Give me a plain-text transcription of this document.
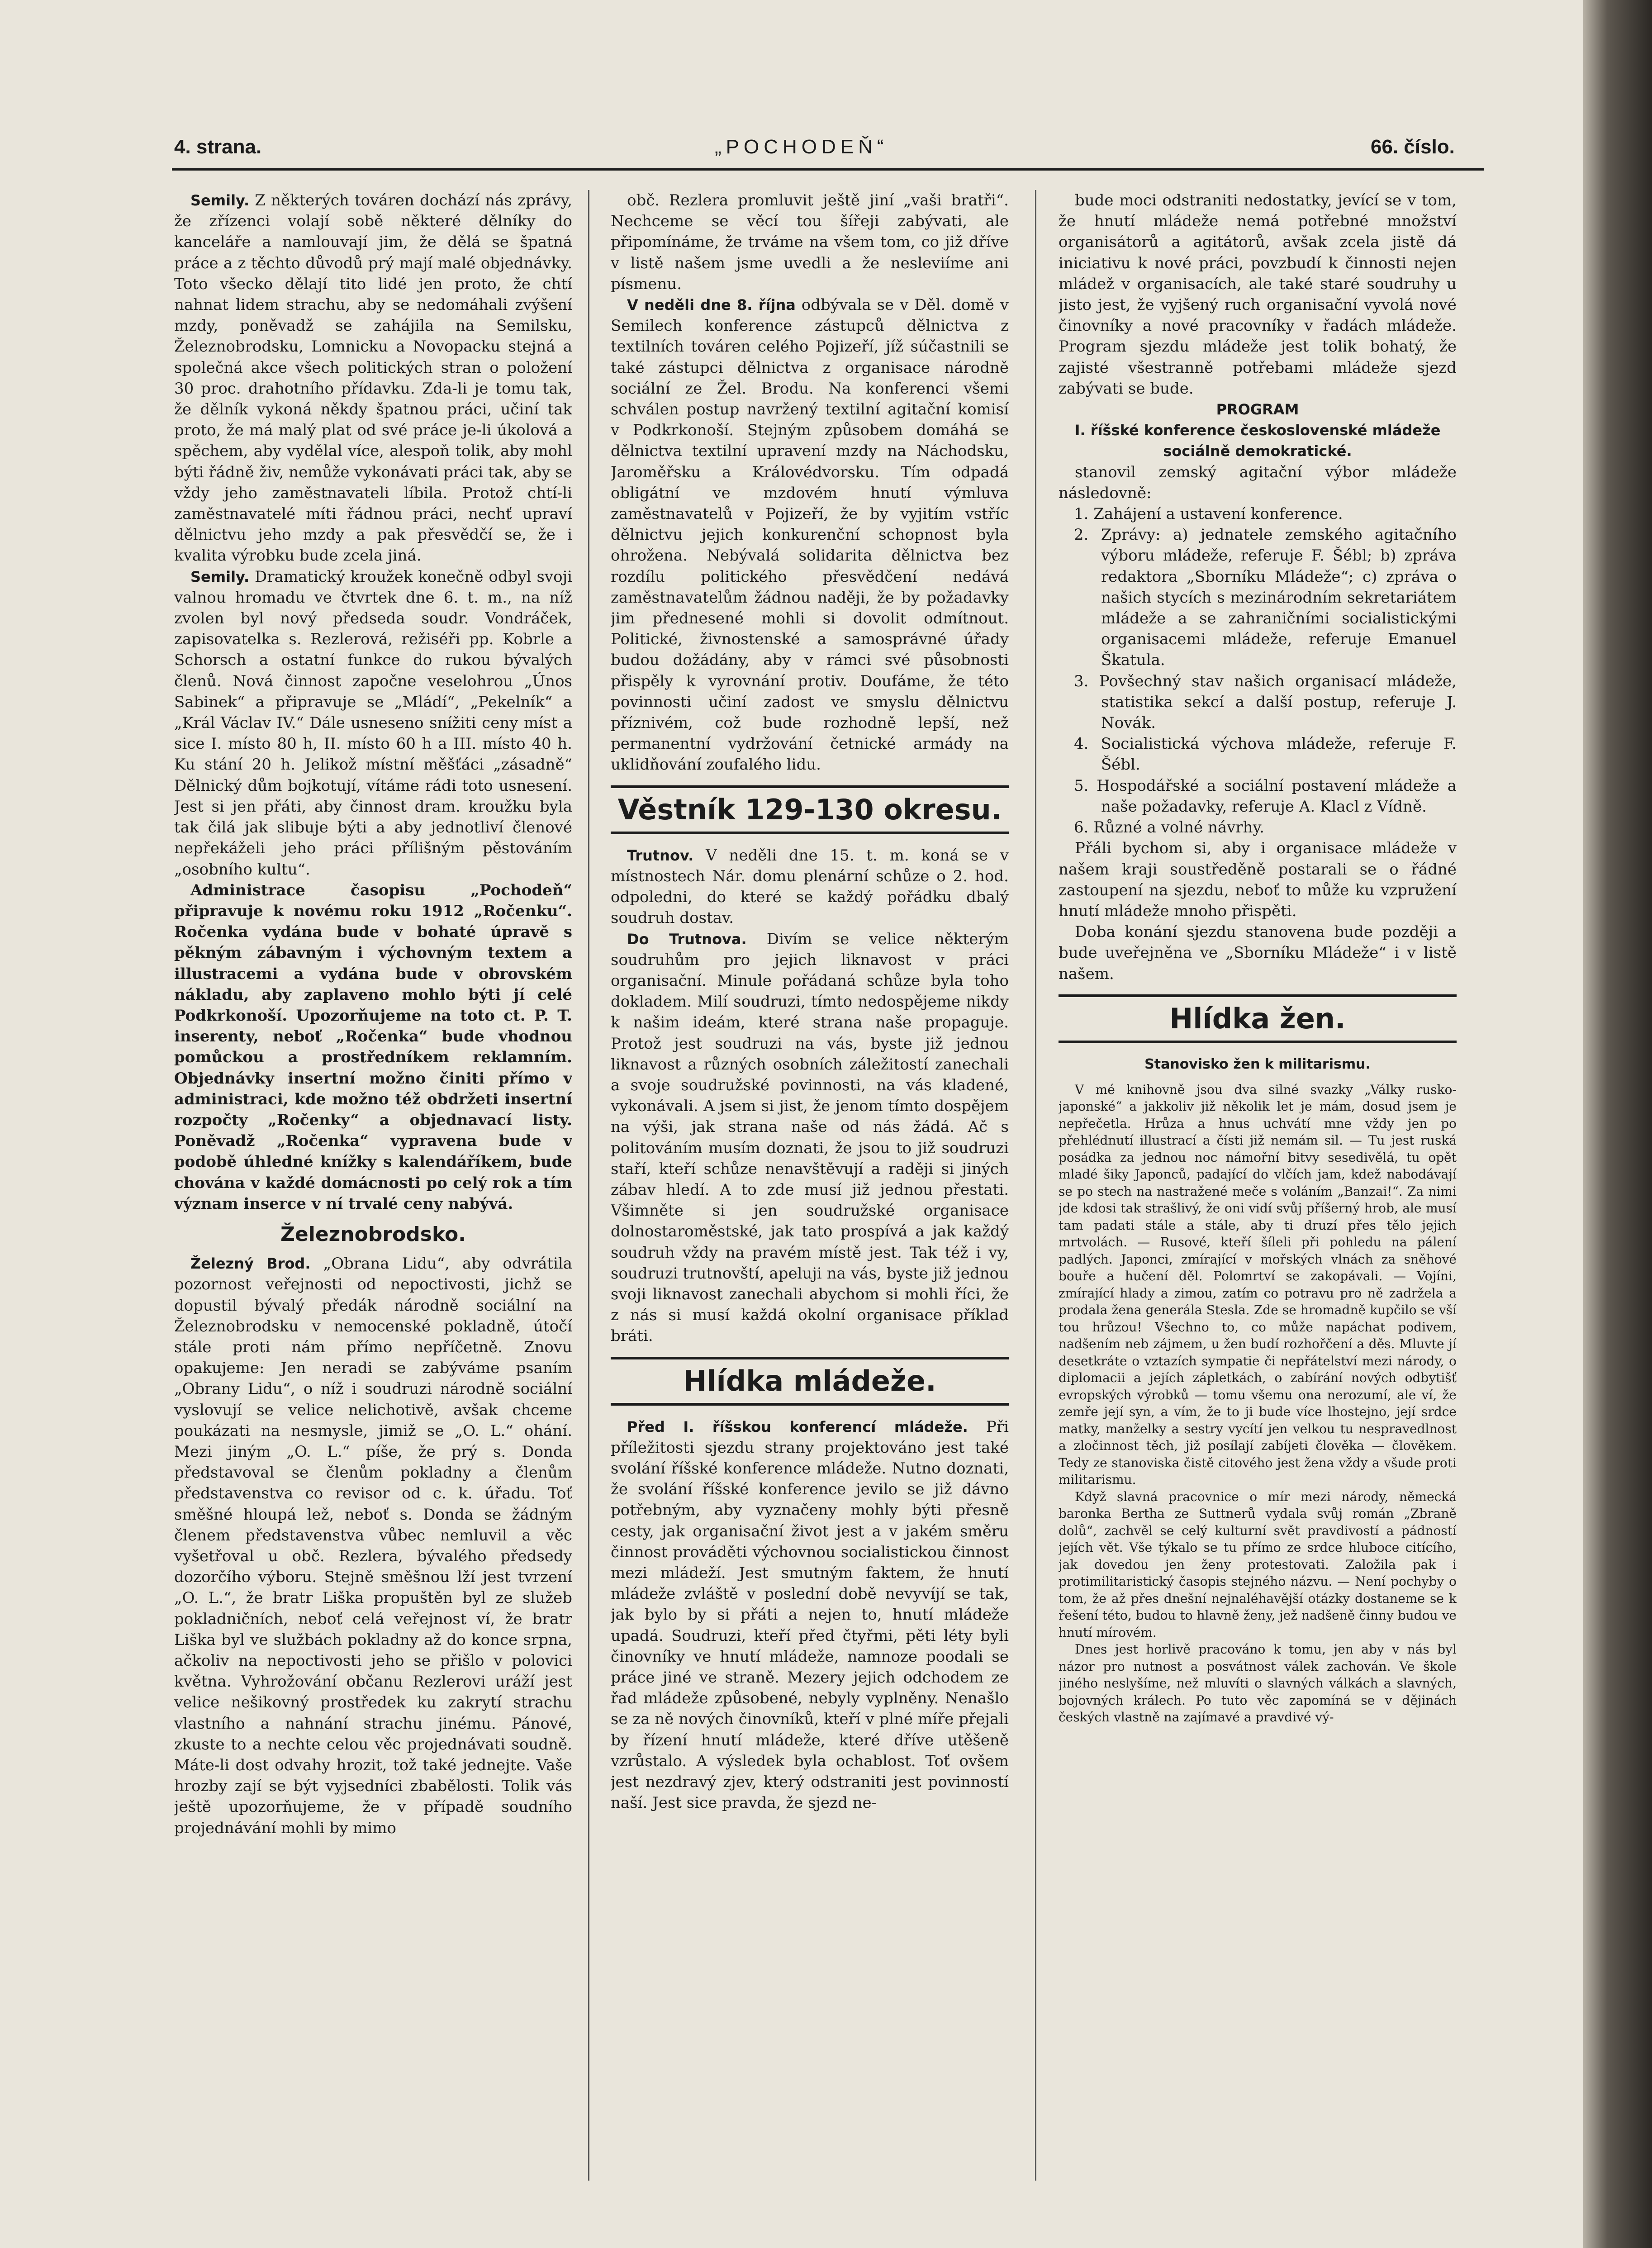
4. strana.	„POCHODEŇ“	66. číslo.

Semily. Z některých továren dochází nás zprávy, že zřízenci volají sobě některé dělníky do kanceláře a namlouvají jim, že dělá se špatná práce a z těchto důvodů prý mají malé objednávky. Toto všecko dělají tito lidé jen proto, že chtí nahnat lidem strachu, aby se nedomáhali zvýšení mzdy, poněvadž se zahájila na Semilsku, Železnobrodsku, Lomnicku a Novopacku stejná a společná akce všech politických stran o položení 30 proc. drahotního přídavku. Zda-li je tomu tak, že dělník vykoná někdy špatnou práci, učiní tak proto, že má malý plat od své práce je-li úkolová a spěchem, aby vydělal více, alespoň tolik, aby mohl býti řádně živ, nemůže vykonávati práci tak, aby se vždy jeho zaměstnavateli líbila. Protož chtí-li zaměstnavatelé míti řádnou práci, nechť upraví dělnictvu jeho mzdy a pak přesvědčí se, že i kvalita výrobku bude zcela jiná.

Semily. Dramatický kroužek konečně odbyl svoji valnou hromadu ve čtvrtek dne 6. t. m., na níž zvolen byl nový předseda soudr. Vondráček, zapisovatelka s. Rezlerová, režiséři pp. Kobrle a Schorsch a ostatní funkce do rukou bývalých členů. Nová činnost započne veselohrou „Únos Sabinek“ a připravuje se „Mládí“, „Pekelník“ a „Král Václav IV.“ Dále usneseno snížiti ceny míst a sice I. místo 80 h, II. místo 60 h a III. místo 40 h. Ku stání 20 h. Jelikož místní měšťáci „zásadně“ Dělnický dům bojkotují, vítáme rádi toto usnesení. Jest si jen přáti, aby činnost dram. kroužku byla tak čilá jak slibuje býti a aby jednotliví členové nepřekáželi jeho práci přílišným pěstováním „osobního kultu“.

Administrace časopisu „Pochodeň“ připravuje k novému roku 1912 „Ročenku“. Ročenka vydána bude v bohaté úpravě s pěkným zábavným i výchovným textem a illustracemi a vydána bude v obrovském nákladu, aby zaplaveno mohlo býti jí celé Podkrkonoší. Upozorňujeme na toto ct. P. T. inserenty, neboť „Ročenka“ bude vhodnou pomůckou a prostředníkem reklamním. Objednávky insertní možno činiti přímo v administraci, kde možno též obdržeti insertní rozpočty „Ročenky“ a objednavací listy. Poněvadž „Ročenka“ vypravena bude v podobě úhledné knížky s kalendáříkem, bude chována v každé domácnosti po celý rok a tím význam inserce v ní trvalé ceny nabývá.

Železnobrodsko.

Železný Brod. „Obrana Lidu“, aby odvrátila pozornost veřejnosti od nepoctivosti, jichž se dopustil bývalý předák národně sociální na Železnobrodsku v nemocenské pokladně, útočí stále proti nám přímo nepříčetně. Znovu opakujeme: Jen neradi se zabýváme psaním „Obrany Lidu“, o níž i soudruzi národně sociální vyslovují se velice nelichotivě, avšak chceme poukázati na nesmysle, jimiž se „O. L.“ ohání. Mezi jiným „O. L.“ píše, že prý s. Donda představoval se členům pokladny a členům představenstva co revisor od c. k. úřadu. Toť směšné hloupá lež, neboť s. Donda se žádným členem představenstva vůbec nemluvil a věc vyšetřoval u obč. Rezlera, bývalého předsedy dozorčího výboru. Stejně směšnou lží jest tvrzení „O. L.“, že bratr Liška propuštěn byl ze služeb pokladničních, neboť celá veřejnost ví, že bratr Liška byl ve službách pokladny až do konce srpna, ačkoliv na nepoctivosti jeho se přišlo v polovici května. Vyhrožování občanu Rezlerovi uráží jest velice nešikovný prostředek ku zakrytí strachu vlastního a nahnání strachu jinému. Pánové, zkuste to a nechte celou věc projednávati soudně. Máte-li dost odvahy hrozit, tož také jednejte. Vaše hrozby zají se být vyjsedníci zbabělosti. Tolik vás ještě upozorňujeme, že v případě soudního projednávání mohli by mimo

obč. Rezlera promluvit ještě jiní „vaši bratři“. Nechceme se věcí tou šířeji zabývati, ale připomínáme, že trváme na všem tom, co již dříve v listě našem jsme uvedli a že nesleviíme ani písmenu.

V neděli dne 8. října odbývala se v Děl. domě v Semilech konference zástupců dělnictva z textilních továren celého Pojizeří, jíž súčastnili se také zástupci dělnictva z organisace národně sociální ze Žel. Brodu. Na konferenci všemi schválen postup navržený textilní agitační komisí v Podkrkonoší. Stejným způsobem domáhá se dělnictva textilní upravení mzdy na Náchodsku, Jaroměřsku a Královédvorsku. Tím odpadá obligátní ve mzdovém hnutí výmluva zaměstnavatelů v Pojizeří, že by vyjitím vstříc dělnictvu jejich konkurenční schopnost byla ohrožena. Nebývalá solidarita dělnictva bez rozdílu politického přesvědčení nedává zaměstnavatelům žádnou naději, že by požadavky jim přednesené mohli si dovolit odmítnout. Politické, živnostenské a samosprávné úřady budou dožádány, aby v rámci své působnosti přispěly k vyrovnání protiv. Doufáme, že této povinnosti učiní zadost ve smyslu dělnictvu příznivém, což bude rozhodně lepší, než permanentní vydržování četnické armády na uklidňování zoufalého lidu.

Věstník 129-130 okresu.

Trutnov. V neděli dne 15. t. m. koná se v místnostech Nár. domu plenární schůze o 2. hod. odpoledni, do které se každý pořádku dbalý soudruh dostav.

Do Trutnova. Divím se velice některým soudruhům pro jejich liknavost v práci organisační. Minule pořádaná schůze byla toho dokladem. Milí soudruzi, tímto nedospějeme nikdy k našim ideám, které strana naše propaguje. Protož jest soudruzi na vás, byste již jednou liknavost a různých osobních záležitostí zanechali a svoje soudružské povinnosti, na vás kladené, vykonávali. A jsem si jist, že jenom tímto dospějem na výši, jak strana naše od nás žádá. Ač s politováním musím doznati, že jsou to již soudruzi staří, kteří schůze nenavštěvují a raději si jiných zábav hledí. A to zde musí již jednou přestati. Všimněte si jen soudružské organisace dolnostaroměstské, jak tato prospívá a jak každý soudruh vždy na pravém místě jest. Tak též i vy, soudruzi trutnovští, apeluji na vás, byste již jednou svoji liknavost zanechali abychom si mohli říci, že z nás si musí každá okolní organisace příklad bráti.

Hlídka mládeže.

Před I. říšskou konferencí mládeže. Při příležitosti sjezdu strany projektováno jest také svolání říšské konference mládeže. Nutno doznati, že svolání říšské konference jevilo se již dávno potřebným, aby vyznačeny mohly býti přesně cesty, jak organisační život jest a v jakém směru činnost prováděti výchovnou socialistickou činnost mezi mládeží. Jest smutným faktem, že hnutí mládeže zvláště v poslední době nevyvíjí se tak, jak bylo by si přáti a nejen to, hnutí mládeže upadá. Soudruzi, kteří před čtyřmi, pěti léty byli činovníky ve hnutí mládeže, namnoze poodali se práce jiné ve straně. Mezery jejich odchodem ze řad mládeže způsobené, nebyly vyplněny. Nenašlo se za ně nových činovníků, kteří v plné míře přejali by řízení hnutí mládeže, které dříve utěšeně vzrůstalo. A výsledek byla ochablost. Toť ovšem jest nezdravý zjev, který odstraniti jest povinností naší. Jest sice pravda, že sjezd ne-

bude moci odstraniti nedostatky, jevící se v tom, že hnutí mládeže nemá potřebné množství organisátorů a agitátorů, avšak zcela jistě dá iniciativu k nové práci, povzbudí k činnosti nejen mládež v organisacích, ale také staré soudruhy u jisto jest, že vyjšený ruch organisační vyvolá nové činovníky a nové pracovníky v řadách mládeže. Program sjezdu mládeže jest tolik bohatý, že zajisté všestranně potřebami mládeže sjezd zabývati se bude.

PROGRAM

I. říšské konference československé mládeže sociálně demokratické.

stanovil zemský agitační výbor mládeže následovně:

1. Zahájení a ustavení konference.
2. Zprávy: a) jednatele zemského agitačního výboru mládeže, referuje F. Šébl; b) zpráva redaktora „Sborníku Mládeže“; c) zpráva o našich stycích s mezinárodním sekretariátem mládeže a se zahraničními socialistickými organisacemi mládeže, referuje Emanuel Škatula.
3. Povšechný stav našich organisací mládeže, statistika sekcí a další postup, referuje J. Novák.
4. Socialistická výchova mládeže, referuje F. Šébl.
5. Hospodářské a sociální postavení mládeže a naše požadavky, referuje A. Klacl z Vídně.
6. Různé a volné návrhy.

Přáli bychom si, aby i organisace mládeže v našem kraji soustředěně postarali se o řádné zastoupení na sjezdu, neboť to může ku vzpružení hnutí mládeže mnoho přispěti.

Doba konání sjezdu stanovena bude později a bude uveřejněna ve „Sborníku Mládeže“ i v listě našem.

Hlídka žen.

Stanovisko žen k militarismu.

V mé knihovně jsou dva silné svazky „Války rusko-japonské“ a jakkoliv již několik let je mám, dosud jsem je nepřečetla. Hrůza a hnus uchvátí mne vždy jen po přehlédnutí illustrací a čísti již nemám sil. — Tu jest ruská posádka za jednou noc námořní bitvy sesedivělá, tu opět mladé šiky Japonců, padající do vlčích jam, kdež nabodávají se po stech na nastražené meče s voláním „Banzai!“. Za nimi jde kdosi tak strašlivý, že oni vidí svůj příšerný hrob, ale musí tam padati stále a stále, aby ti druzí přes tělo jejich mrtvolách. — Rusové, kteří šíleli při pohledu na pálení padlých. Japonci, zmírající v mořských vlnách za sněhové bouře a hučení děl. Polomrtví se zakopávali. — Vojíni, zmírající hlady a zimou, zatím co potravu pro ně zadržela a prodala žena generála Stesla. Zde se hromadně kupčilo se vší tou hrůzou! Všechno to, co může napáchat podivem, nadšením neb zájmem, u žen budí rozhořčení a děs. Mluvte jí desetkráte o vztazích sympatie či nepřátelství mezi národy, o diplomacii a jejích zápletkách, o zabírání nových odbytišť evropských výrobků — tomu všemu ona nerozumí, ale ví, že zemře její syn, a vím, že to ji bude více lhostejno, její srdce matky, manželky a sestry vycítí jen velkou tu nespravedlnost a zločinnost těch, již posílají zabíjeti člověka — člověkem. Tedy ze stanoviska čistě citového jest žena vždy a všude proti militarismu.

Když slavná pracovnice o mír mezi národy, německá baronka Bertha ze Suttnerů vydala svůj román „Zbraně dolů“, zachvěl se celý kulturní svět pravdivostí a pádností jejích vět. Vše týkalo se tu přímo ze srdce hluboce citícího, jak dovedou jen ženy protestovati. Založila pak i protimilitaristický časopis stejného názvu. — Není pochyby o tom, že až přes dnešní nejnaléhavější otázky dostaneme se k řešení této, budou to hlavně ženy, jež nadšeně činny budou ve hnutí mírovém.

Dnes jest horlivě pracováno k tomu, jen aby v nás byl názor pro nutnost a posvátnost válek zachován. Ve škole jiného neslyšíme, než mluvíti o slavných válkách a slavných, bojovných králech. Po tuto věc zapomíná se v dějinách českých vlastně na zajímavé a pravdivé vý-
